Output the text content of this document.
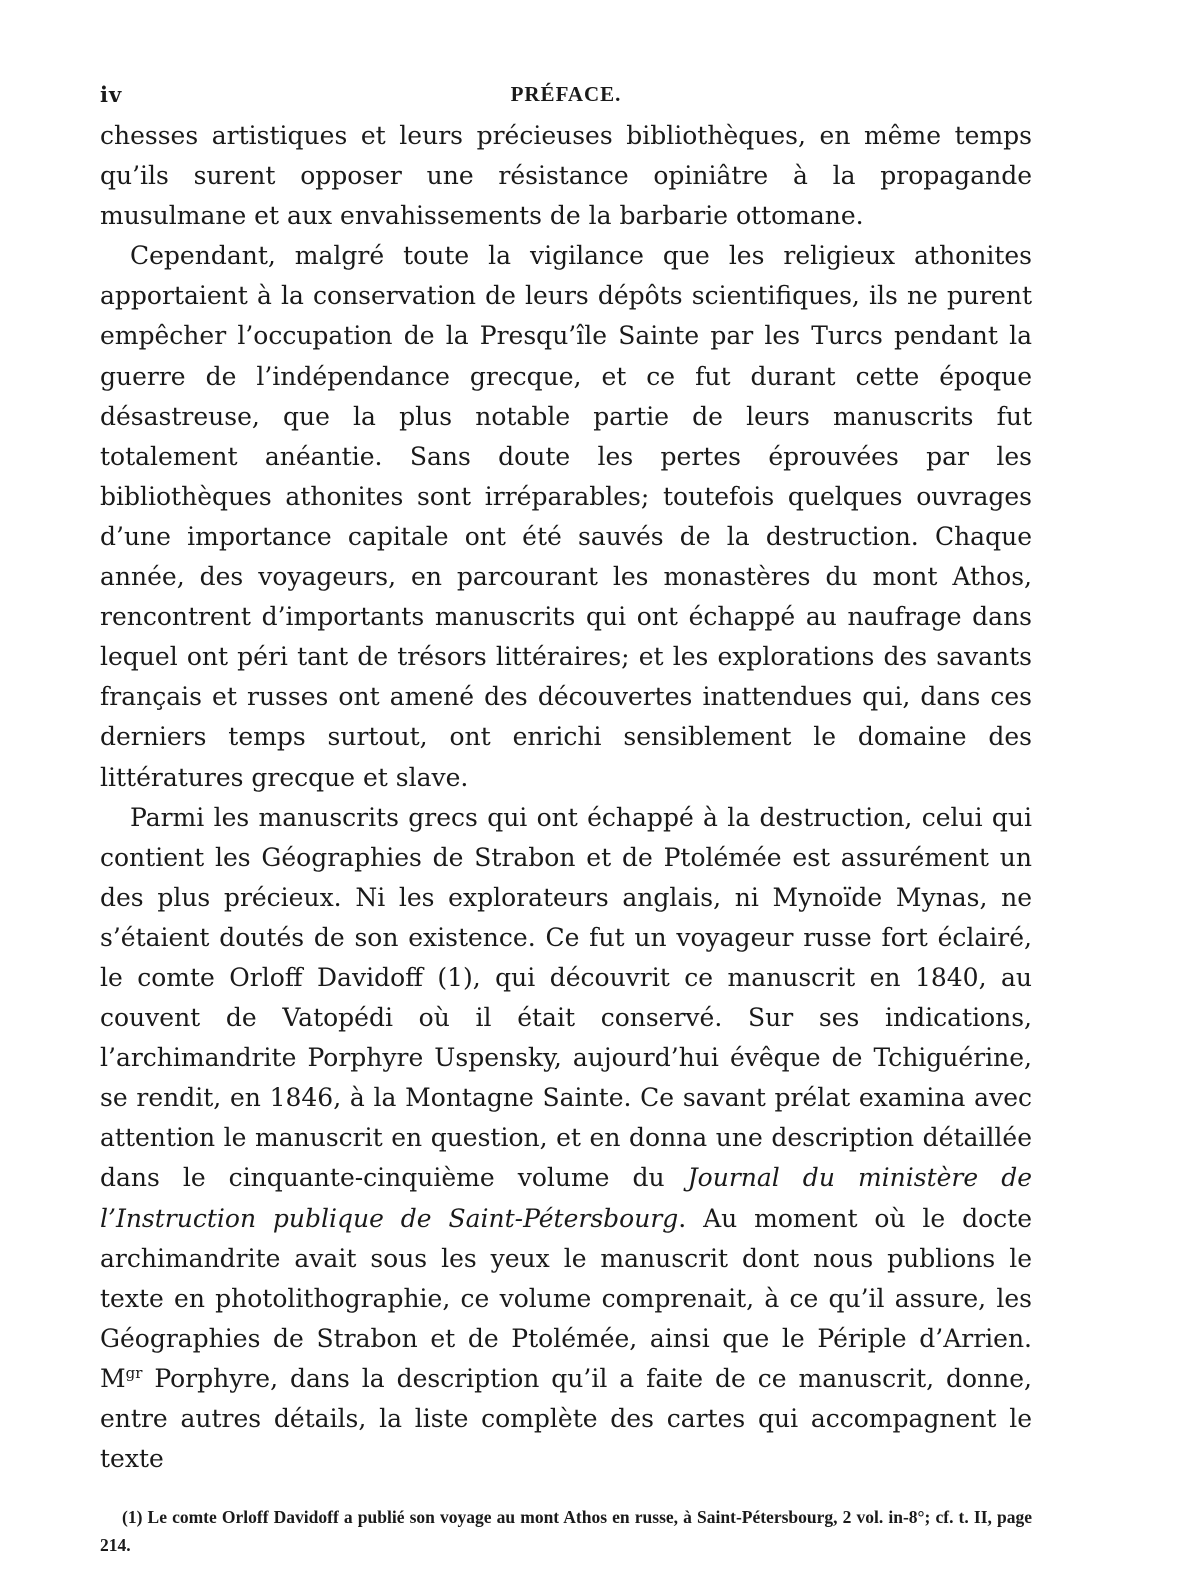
iv	PRÉFACE.

chesses artistiques et leurs précieuses bibliothèques, en même temps qu’ils surent opposer une résistance opiniâtre à la propagande musulmane et aux envahissements de la barbarie ottomane.

Cependant, malgré toute la vigilance que les religieux athonites apportaient à la conservation de leurs dépôts scientifiques, ils ne purent empêcher l’occupation de la Presqu’île Sainte par les Turcs pendant la guerre de l’indépendance grecque, et ce fut durant cette époque désastreuse, que la plus notable partie de leurs manuscrits fut totalement anéantie. Sans doute les pertes éprouvées par les bibliothèques athonites sont irréparables; toutefois quelques ouvrages d’une importance capitale ont été sauvés de la destruction. Chaque année, des voyageurs, en parcourant les monastères du mont Athos, rencontrent d’importants manuscrits qui ont échappé au naufrage dans lequel ont péri tant de trésors littéraires; et les explorations des savants français et russes ont amené des découvertes inattendues qui, dans ces derniers temps surtout, ont enrichi sensiblement le domaine des littératures grecque et slave.

Parmi les manuscrits grecs qui ont échappé à la destruction, celui qui contient les Géographies de Strabon et de Ptolémée est assurément un des plus précieux. Ni les explorateurs anglais, ni Mynoïde Mynas, ne s’étaient doutés de son existence. Ce fut un voyageur russe fort éclairé, le comte Orloff Davidoff (1), qui découvrit ce manuscrit en 1840, au couvent de Vatopédi où il était conservé. Sur ses indications, l’archimandrite Porphyre Uspensky, aujourd’hui évêque de Tchiguérine, se rendit, en 1846, à la Montagne Sainte. Ce savant prélat examina avec attention le manuscrit en question, et en donna une description détaillée dans le cinquante-cinquième volume du Journal du ministère de l’Instruction publique de Saint-Pétersbourg. Au moment où le docte archimandrite avait sous les yeux le manuscrit dont nous publions le texte en photolithographie, ce volume comprenait, à ce qu’il assure, les Géographies de Strabon et de Ptolémée, ainsi que le Périple d’Arrien. $M^{gr}$ Porphyre, dans la description qu’il a faite de ce manuscrit, donne, entre autres détails, la liste complète des cartes qui accompagnent le texte

(1) Le comte Orloff Davidoff a publié son voyage au mont Athos en russe, à Saint-Pétersbourg, 2 vol. in-8°; cf. t. II, page 214.
